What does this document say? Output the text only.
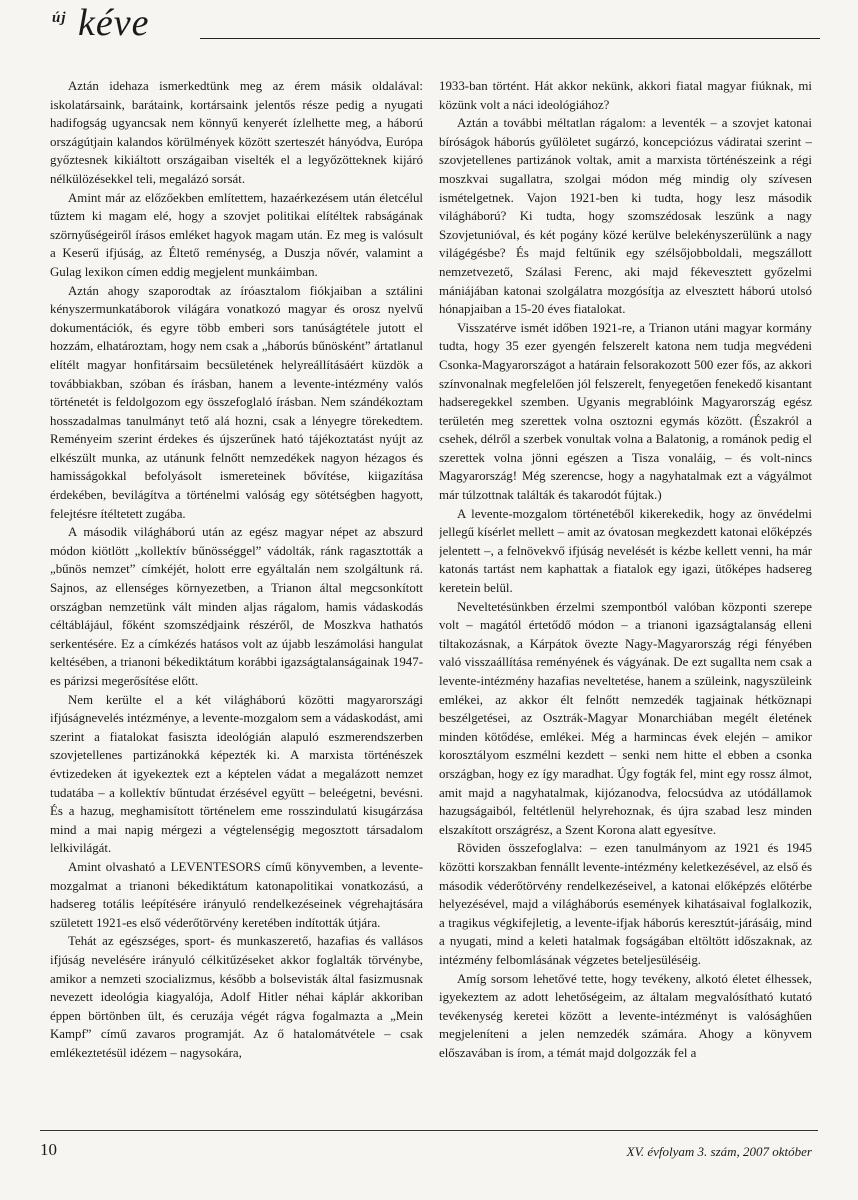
új kéve

Aztán idehaza ismerkedtünk meg az érem másik oldalával: iskolatársaink, barátaink, kortársaink jelentős része pedig a nyugati hadifogság ugyancsak nem könnyű kenyerét ízlelhette meg, a háború országútjain kalandos körülmények között szerteszét hányódva, Európa győztesnek kikiáltott országaiban viselték el a legyőzötteknek kijáró nélkülözésekkel teli, megalázó sorsát.

Amint már az előzőekben említettem, hazaérkezésem után életcélul tűztem ki magam elé, hogy a szovjet politikai elítéltek rabságának szörnyűségeiről írásos emléket hagyok magam után. Ez meg is valósult a Keserű ifjúság, az Éltető reménység, a Duszja nővér, valamint a Gulag lexikon címen eddig megjelent munkáimban.

Aztán ahogy szaporodtak az íróasztalom fiókjaiban a sztálini kényszermunkatáborok világára vonatkozó magyar és orosz nyelvű dokumentációk, és egyre több emberi sors tanúságtétele jutott el hozzám, elhatároztam, hogy nem csak a „háborús bűnösként” ártatlanul elítélt magyar honfitársaim becsületének helyreállításáért küzdök a továbbiakban, szóban és írásban, hanem a levente-intézmény valós történetét is feldolgozom egy összefoglaló írásban. Nem szándékoztam hosszadalmas tanulmányt tető alá hozni, csak a lényegre törekedtem. Reményeim szerint érdekes és újszerűnek ható tájékoztatást nyújt az elkészült munka, az utánunk felnőtt nemzedékek nagyon hézagos és hamisságokkal befolyásolt ismereteinek bővítése, kiigazítása érdekében, bevilágítva a történelmi valóság egy sötétségben hagyott, felejtésre ítéltetett zugába.

A második világháború után az egész magyar népet az abszurd módon kiötlött „kollektív bűnösséggel” vádolták, ránk ragasztották a „bűnös nemzet” címkéjét, holott erre egyáltalán nem szolgáltunk rá. Sajnos, az ellenséges környezetben, a Trianon által megcsonkított országban nemzetünk vált minden aljas rágalom, hamis vádaskodás céltáblájául, főként szomszédjaink részéről, de Moszkva hathatós serkentésére. Ez a címkézés hatásos volt az újabb leszámolási hangulat keltésében, a trianoni békediktátum korábbi igazságtalanságainak 1947-es párizsi megerősítése előtt.

Nem kerülte el a két világháború közötti magyarországi ifjúságnevelés intézménye, a levente-mozgalom sem a vádaskodást, ami szerint a fiatalokat fasiszta ideológián alapuló eszmerendszerben szovjetellenes partizánokká képezték ki. A marxista történészek évtizedeken át igyekeztek ezt a képtelen vádat a megalázott nemzet tudatába – a kollektív bűntudat érzésével együtt – beleégetni, bevésni. És a hazug, meghamisított történelem eme rosszindulatú kisugárzása mind a mai napig mérgezi a végtelenségig megosztott társadalom lelkivilágát.

Amint olvasható a LEVENTESORS című könyvemben, a levente-mozgalmat a trianoni békediktátum katonapolitikai vonatkozású, a hadsereg totális leépítésére irányuló rendelkezéseinek végrehajtására született 1921-es első véderőtörvény keretében indították útjára.

Tehát az egészséges, sport- és munkaszerető, hazafias és vallásos ifjúság nevelésére irányuló célkitűzéseket akkor foglalták törvénybe, amikor a nemzeti szocializmus, később a bolsevisták által fasizmusnak nevezett ideológia kiagyalója, Adolf Hitler néhai káplár akkoriban éppen börtönben ült, és ceruzája végét rágva fogalmazta a „Mein Kampf” című zavaros programját. Az ő hatalomátvétele – csak emlékeztetésül idézem – nagysokára,

1933-ban történt. Hát akkor nekünk, akkori fiatal magyar fiúknak, mi közünk volt a náci ideológiához?

Aztán a további méltatlan rágalom: a leventék – a szovjet katonai bíróságok háborús gyűlöletet sugárzó, koncepciózus vádiratai szerint – szovjetellenes partizánok voltak, amit a marxista történészeink a régi moszkvai sugallatra, szolgai módon még mindig oly szívesen ismételgetnek. Vajon 1921-ben ki tudta, hogy lesz második világháború? Ki tudta, hogy szomszédosak leszünk a nagy Szovjetunióval, és két pogány közé kerülve belekényszerülünk a nagy világégésbe? És majd feltűnik egy szélsőjobboldali, megszállott nemzetvezető, Szálasi Ferenc, aki majd fékevesztett győzelmi mániájában katonai szolgálatra mozgósítja az elvesztett háború utolsó hónapjaiban a 15-20 éves fiatalokat.

Visszatérve ismét időben 1921-re, a Trianon utáni magyar kormány tudta, hogy 35 ezer gyengén felszerelt katona nem tudja megvédeni Csonka-Magyarországot a határain felsorakozott 500 ezer fős, az akkori színvonalnak megfelelően jól felszerelt, fenyegetően fenekedő kisantant hadseregekkel szemben. Ugyanis megrablóink Magyarország egész területén meg szerettek volna osztozni egymás között. (Északról a csehek, délről a szerbek vonultak volna a Balatonig, a románok pedig el szerettek volna jönni egészen a Tisza vonaláig, – és volt-nincs Magyarország! Még szerencse, hogy a nagyhatalmak ezt a vágyálmot már túlzottnak találták és takarodót fújtak.)

A levente-mozgalom történetéből kikerekedik, hogy az önvédelmi jellegű kísérlet mellett – amit az óvatosan megkezdett katonai előképzés jelentett –, a felnövekvő ifjúság nevelését is kézbe kellett venni, ha már katonás tartást nem kaphattak a fiatalok egy igazi, ütőképes hadsereg keretein belül.

Neveltetésünkben érzelmi szempontból valóban központi szerepe volt – magától értetődő módon – a trianoni igazságtalanság elleni tiltakozásnak, a Kárpátok övezte Nagy-Magyarország régi fényében való visszaállítása reményének és vágyának. De ezt sugallta nem csak a levente-intézmény hazafias neveltetése, hanem a szüleink, nagyszüleink emlékei, az akkor élt felnőtt nemzedék tagjainak hétköznapi beszélgetései, az Osztrák-Magyar Monarchiában megélt életének minden kötődése, emlékei. Még a harmincas évek elején – amikor korosztályom eszmélni kezdett – senki nem hitte el ebben a csonka országban, hogy ez így maradhat. Úgy fogták fel, mint egy rossz álmot, amit majd a nagyhatalmak, kijózanodva, felocsúdva az utódállamok hazugságaiból, feltétlenül helyrehoznak, és újra szabad lesz minden elszakított országrész, a Szent Korona alatt egyesítve.

Röviden összefoglalva: – ezen tanulmányom az 1921 és 1945 közötti korszakban fennállt levente-intézmény keletkezésével, az első és második véderőtörvény rendelkezéseivel, a katonai előképzés előtérbe helyezésével, majd a világháborús események kihatásaival foglalkozik, a tragikus végkifejletig, a levente-ifjak háborús keresztút-járásáig, mind a nyugati, mind a keleti hatalmak fogságában eltöltött időszaknak, az intézmény felbomlásának végzetes beteljesüléséig.

Amíg sorsom lehetővé tette, hogy tevékeny, alkotó életet élhessek, igyekeztem az adott lehetőségeim, az általam megvalósítható kutató tevékenység keretei között a levente-intézményt is valósághűen megjeleníteni a jelen nemzedék számára. Ahogy a könyvem előszavában is írom, a témát majd dolgozzák fel a

10	XV. évfolyam 3. szám, 2007 október
